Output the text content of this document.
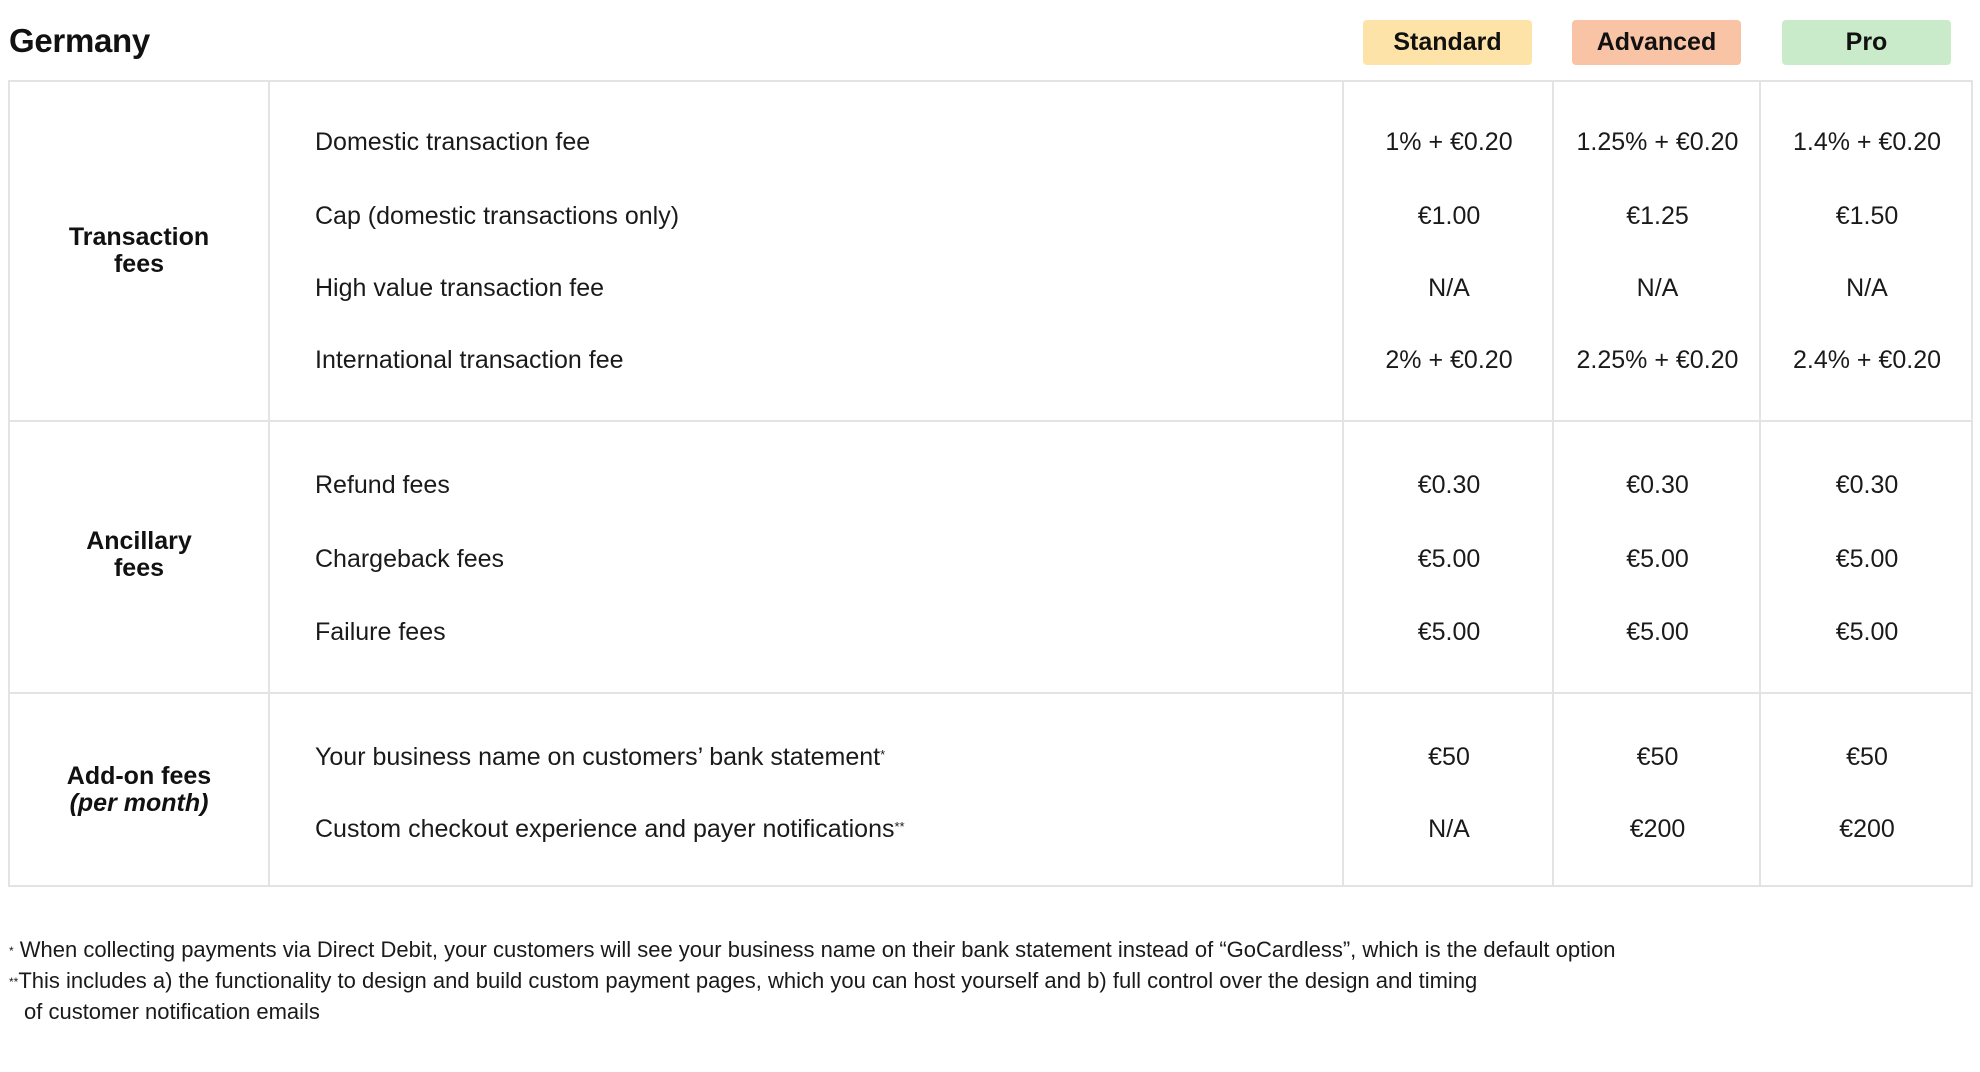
Germany	Standard	Advanced	Pro
Transaction
fees
Domestic transaction fee	1% + €0.20	1.25% + €0.20	1.4% + €0.20
Cap (domestic transactions only)	€1.00	€1.25	€1.50
High value transaction fee	N/A	N/A	N/A
International transaction fee	2% + €0.20	2.25% + €0.20	2.4% + €0.20
Ancillary
fees
Refund fees	€0.30	€0.30	€0.30
Chargeback fees	€5.00	€5.00	€5.00
Failure fees	€5.00	€5.00	€5.00
Add-on fees
(per month)
Your business name on customers’ bank statement*	€50	€50	€50
Custom checkout experience and payer notifications**	N/A	€200	€200
* When collecting payments via Direct Debit, your customers will see your business name on their bank statement instead of “GoCardless”, which is the default option
**This includes a) the functionality to design and build custom payment pages, which you can host yourself and b) full control over the design and timing
of customer notification emails
